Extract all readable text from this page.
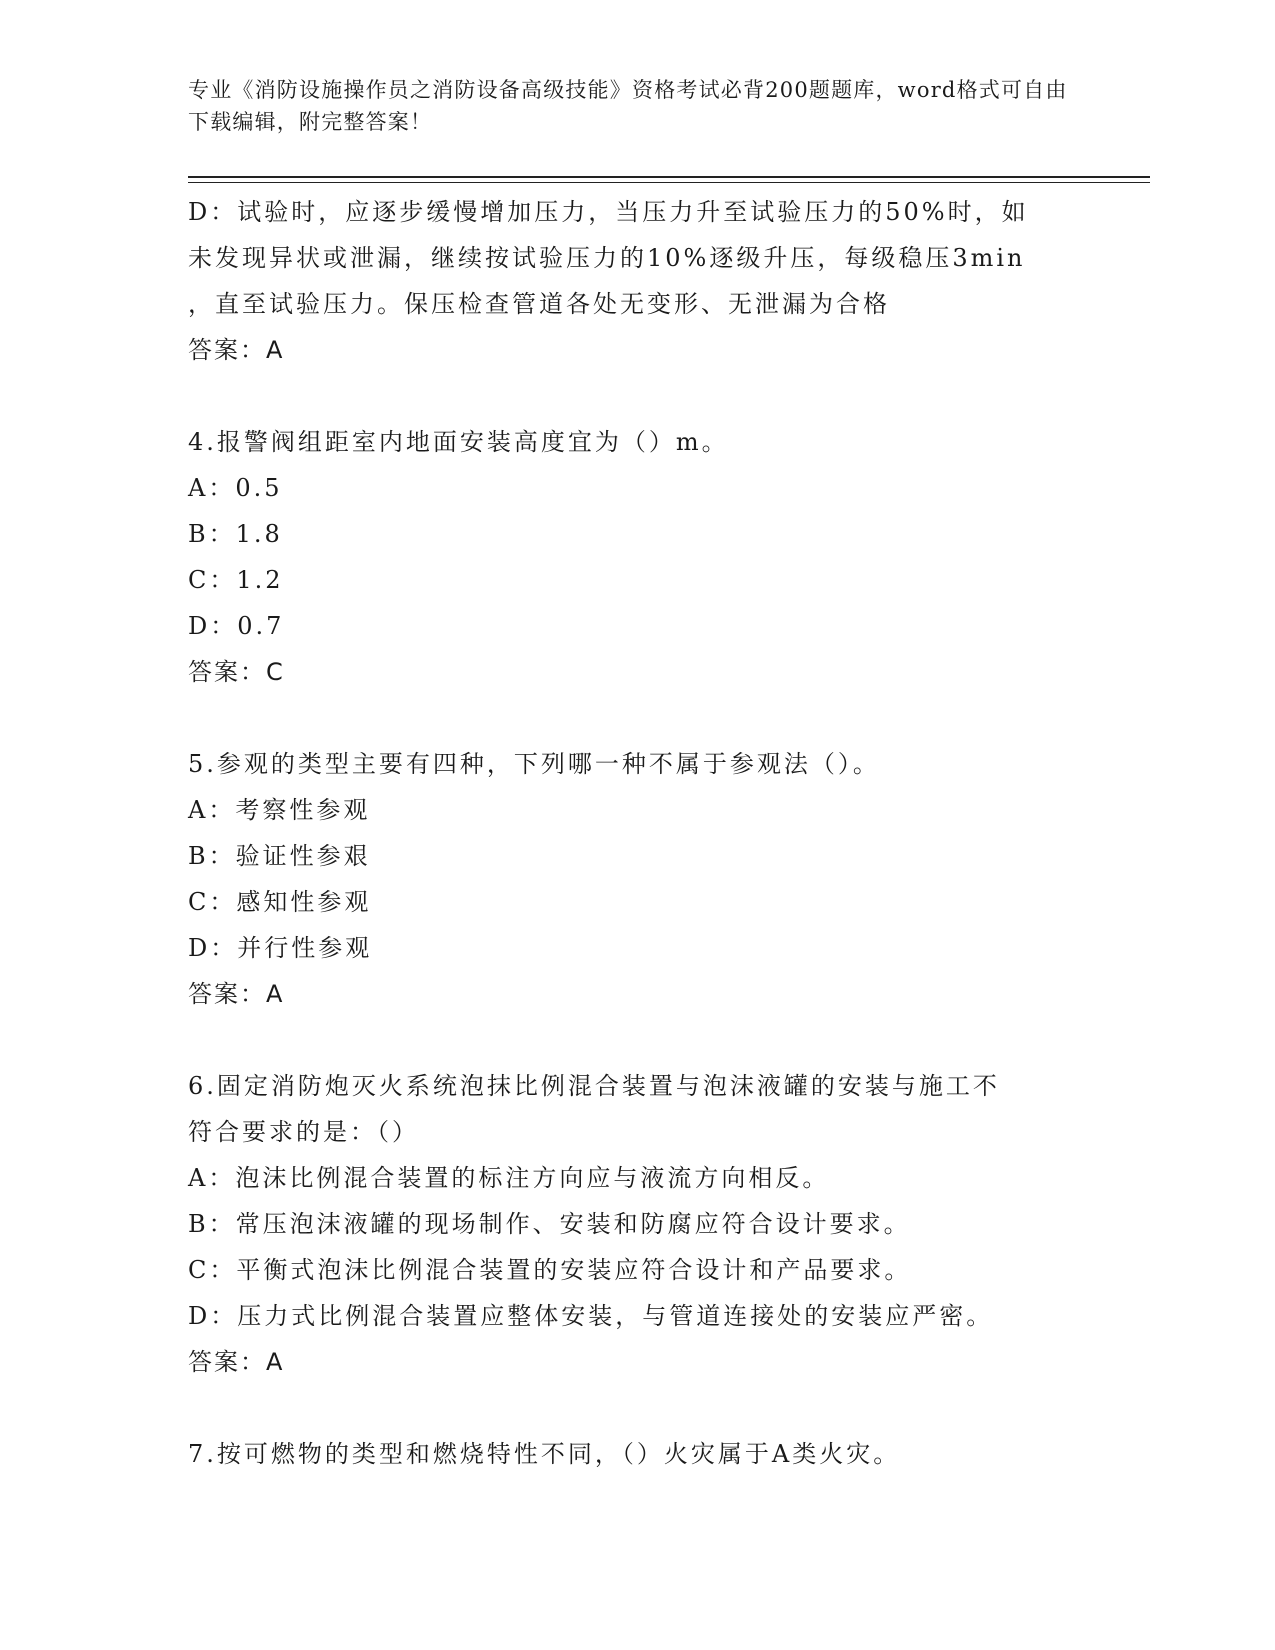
专业《消防设施操作员之消防设备高级技能》资格考试必背200题题库，word格式可自由下载编辑，附完整答案！
D：试验时，应逐步缓慢增加压力，当压力升至试验压力的50%时，如
未发现异状或泄漏，继续按试验压力的10%逐级升压，每级稳压3min
，直至试验压力。保压检查管道各处无变形、无泄漏为合格
答案：A
4.报警阀组距室内地面安装高度宜为（）m。
A：0.5
B：1.8
C：1.2
D：0.7
答案：C
5.参观的类型主要有四种，下列哪一种不属于参观法（）。
A：考察性参观
B：验证性参艰
C：感知性参观
D：并行性参观
答案：A
6.固定消防炮灭火系统泡抹比例混合装置与泡沫液罐的安装与施工不
符合要求的是：（）
A：泡沫比例混合装置的标注方向应与液流方向相反。
B：常压泡沫液罐的现场制作、安装和防腐应符合设计要求。
C：平衡式泡沫比例混合装置的安装应符合设计和产品要求。
D：压力式比例混合装置应整体安装，与管道连接处的安装应严密。
答案：A
7.按可燃物的类型和燃烧特性不同，（）火灾属于A类火灾。
